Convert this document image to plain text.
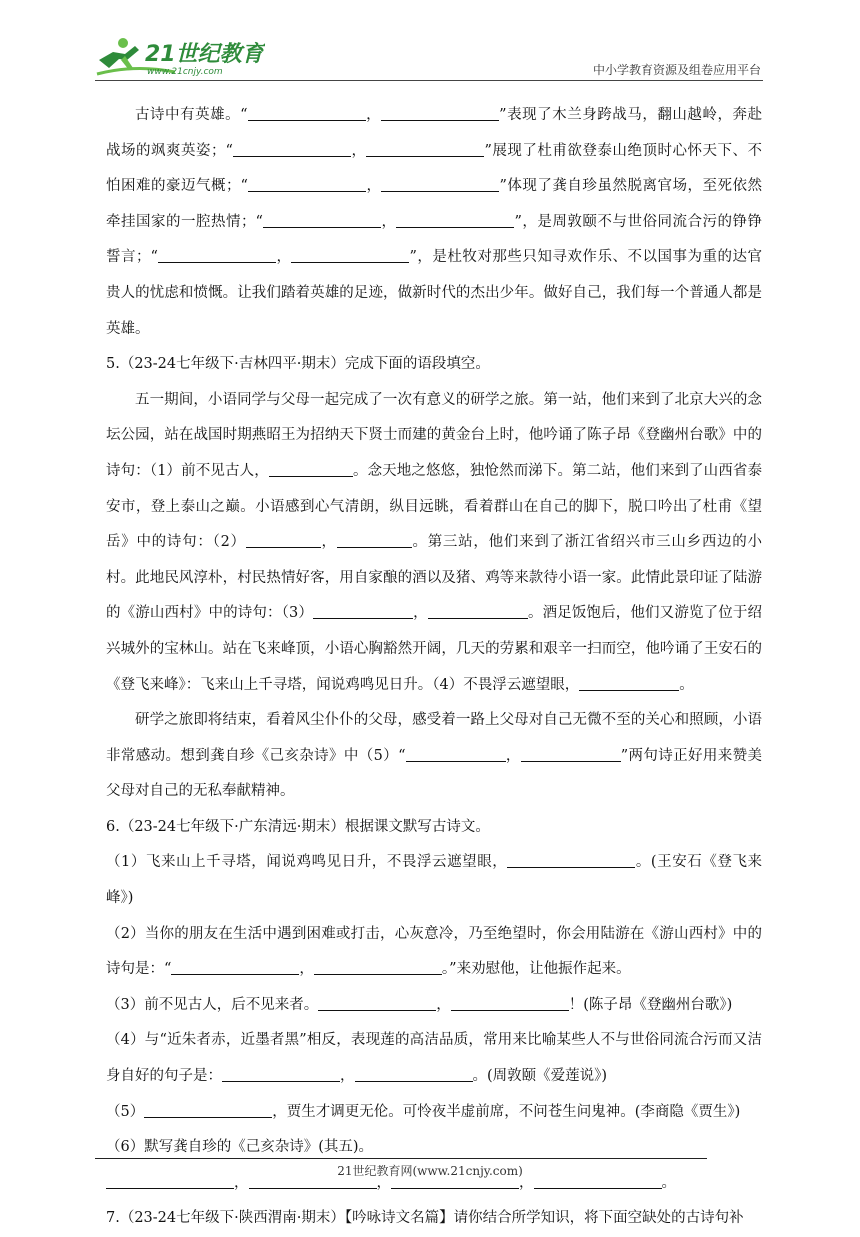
21世纪教育
www.21cnjy.com	中小学教育资源及组卷应用平台

古诗中有英雄。“	，	”表现了木兰身跨战马，翻山越岭，奔赴战场的飒爽英姿；“	，	”展现了杜甫欲登泰山绝顶时心怀天下、不怕困难的豪迈气概；“	，	”体现了龚自珍虽然脱离官场，至死依然牵挂国家的一腔热情；“	，	”，是周敦颐不与世俗同流合污的铮铮誓言；“	，	”，是杜牧对那些只知寻欢作乐、不以国事为重的达官贵人的忧虑和愤慨。让我们踏着英雄的足迹，做新时代的杰出少年。做好自己，我们每一个普通人都是英雄。

5.（23-24七年级下·吉林四平·期末）完成下面的语段填空。

五一期间，小语同学与父母一起完成了一次有意义的研学之旅。第一站，他们来到了北京大兴的念坛公园，站在战国时期燕昭王为招纳天下贤士而建的黄金台上时，他吟诵了陈子昂《登幽州台歌》中的诗句：（1）前不见古人，	。念天地之悠悠，独怆然而涕下。第二站，他们来到了山西省泰安市，登上泰山之巅。小语感到心气清朗，纵目远眺，看着群山在自己的脚下，脱口吟出了杜甫《望岳》中的诗句：（2）	，	。第三站，他们来到了浙江省绍兴市三山乡西边的小村。此地民风淳朴，村民热情好客，用自家酿的酒以及猪、鸡等来款待小语一家。此情此景印证了陆游的《游山西村》中的诗句：（3）	，	。酒足饭饱后，他们又游览了位于绍兴城外的宝林山。站在飞来峰顶，小语心胸豁然开阔，几天的劳累和艰辛一扫而空，他吟诵了王安石的《登飞来峰》：飞来山上千寻塔，闻说鸡鸣见日升。（4）不畏浮云遮望眼，	。

研学之旅即将结束，看着风尘仆仆的父母，感受着一路上父母对自己无微不至的关心和照顾，小语非常感动。想到龚自珍《己亥杂诗》中（5）“	，	”两句诗正好用来赞美父母对自己的无私奉献精神。

6.（23-24七年级下·广东清远·期末）根据课文默写古诗文。

（1）飞来山上千寻塔，闻说鸡鸣见日升，不畏浮云遮望眼，	。(王安石《登飞来峰》)

（2）当你的朋友在生活中遇到困难或打击，心灰意冷，乃至绝望时，你会用陆游在《游山西村》中的诗句是：“	，	。”来劝慰他，让他振作起来。

（3）前不见古人，后不见来者。	，	！(陈子昂《登幽州台歌》)

（4）与“近朱者赤，近墨者黑”相反，表现莲的高洁品质，常用来比喻某些人不与世俗同流合污而又洁身自好的句子是：	，	。(周敦颐《爱莲说》)

（5）	，贾生才调更无伦。可怜夜半虚前席，不问苍生问鬼神。(李商隐《贾生》)

（6）默写龚自珍的《己亥杂诗》(其五)。

，	，	，	。

7.（23-24七年级下·陕西渭南·期末）【吟咏诗文名篇】请你结合所学知识，将下面空缺处的古诗句补

21世纪教育网(www.21cnjy.com)
